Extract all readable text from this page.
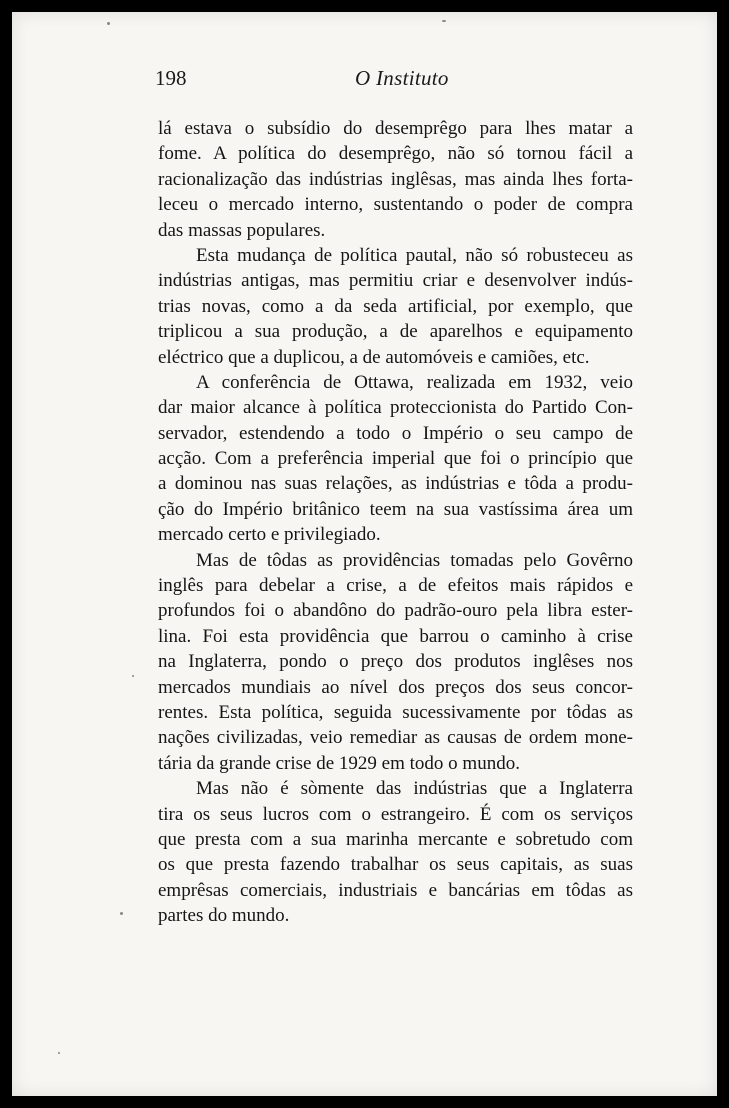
198	O Instituto
lá estava o subsídio do desemprêgo para lhes matar a
fome. A política do desemprêgo, não só tornou fácil a
racionalização das indústrias inglêsas, mas ainda lhes forta-
leceu o mercado interno, sustentando o poder de compra
das massas populares.
Esta mudança de política pautal, não só robusteceu as
indústrias antigas, mas permitiu criar e desenvolver indús-
trias novas, como a da seda artificial, por exemplo, que
triplicou a sua produção, a de aparelhos e equipamento
eléctrico que a duplicou, a de automóveis e camiões, etc.
A conferência de Ottawa, realizada em 1932, veio
dar maior alcance à política proteccionista do Partido Con-
servador, estendendo a todo o Império o seu campo de
acção. Com a preferência imperial que foi o princípio que
a dominou nas suas relações, as indústrias e tôda a produ-
ção do Império britânico teem na sua vastíssima área um
mercado certo e privilegiado.
Mas de tôdas as providências tomadas pelo Govêrno
inglês para debelar a crise, a de efeitos mais rápidos e
profundos foi o abandôno do padrão-ouro pela libra ester-
lina. Foi esta providência que barrou o caminho à crise
na Inglaterra, pondo o preço dos produtos inglêses nos
mercados mundiais ao nível dos preços dos seus concor-
rentes. Esta política, seguida sucessivamente por tôdas as
nações civilizadas, veio remediar as causas de ordem mone-
tária da grande crise de 1929 em todo o mundo.
Mas não é sòmente das indústrias que a Inglaterra
tira os seus lucros com o estrangeiro. É com os serviços
que presta com a sua marinha mercante e sobretudo com
os que presta fazendo trabalhar os seus capitais, as suas
emprêsas comerciais, industriais e bancárias em tôdas as
partes do mundo.
